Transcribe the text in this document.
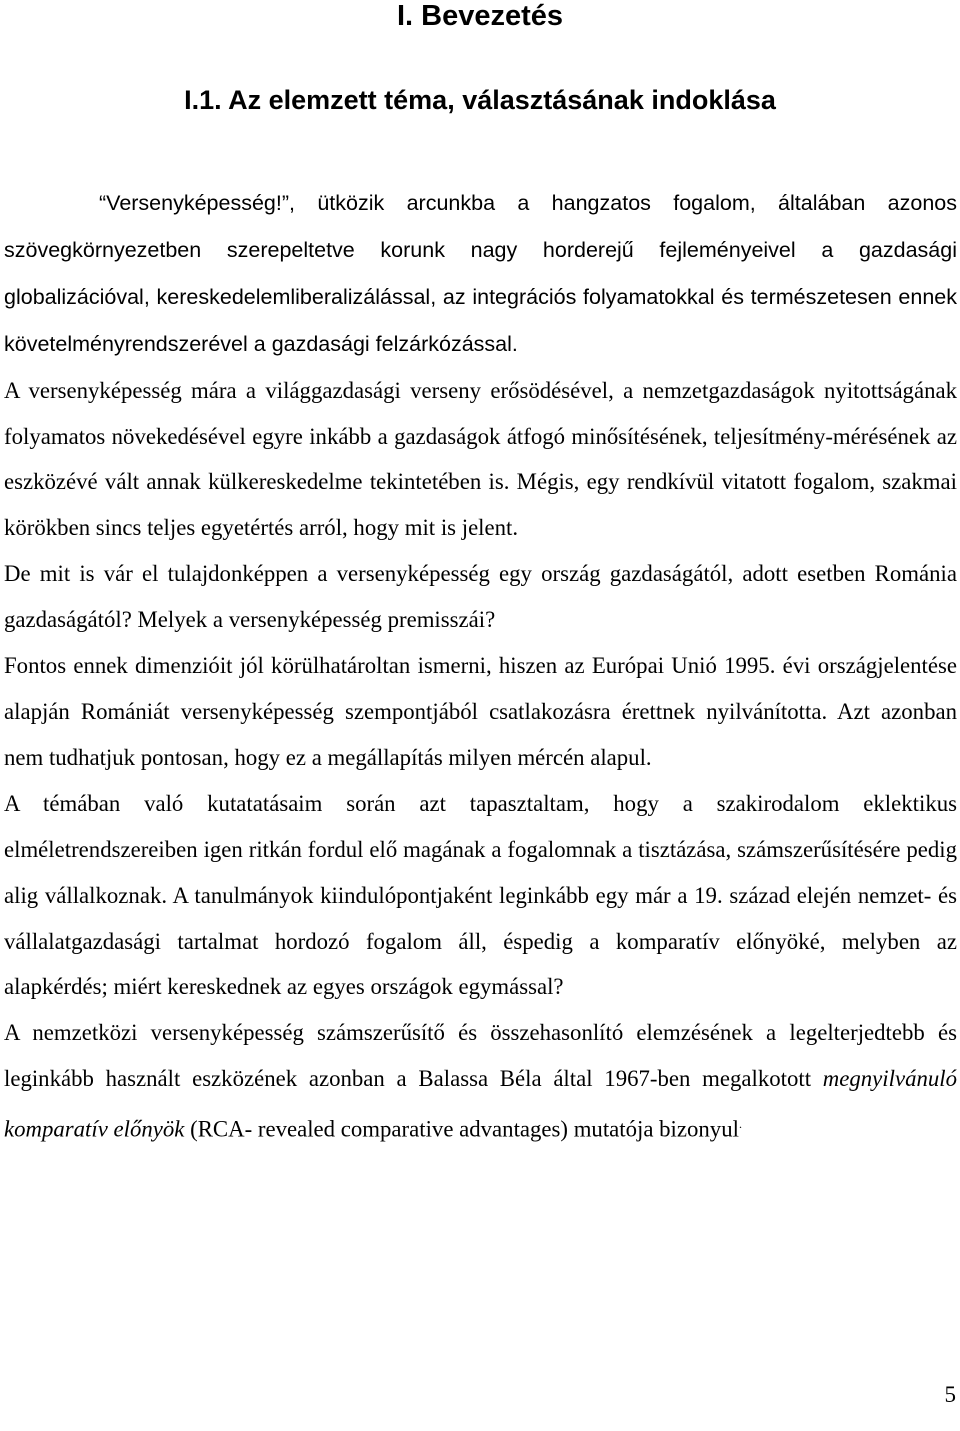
I. Bevezetés
I.1. Az elemzett téma, választásának indoklása

“Versenyképesség!”, ütközik arcunkba a hangzatos fogalom, általában azonos szövegkörnyezetben szerepeltetve korunk nagy horderejű fejleményeivel a gazdasági globalizációval, kereskedelemliberalizálással, az integrációs folyamatokkal és természetesen ennek követelményrendszerével a gazdasági felzárkózással.

A versenyképesség mára a világgazdasági verseny erősödésével, a nemzetgazdaságok nyitottságának folyamatos növekedésével egyre inkább a gazdaságok átfogó minősítésének, teljesítmény-mérésének az eszközévé vált annak külkereskedelme tekintetében is. Mégis, egy rendkívül vitatott fogalom, szakmai körökben sincs teljes egyetértés arról, hogy mit is jelent.

De mit is vár el tulajdonképpen a versenyképesség egy ország gazdaságától, adott esetben Románia gazdaságától? Melyek a versenyképesség premisszái?

Fontos ennek dimenzióit jól körülhatároltan ismerni, hiszen az Európai Unió 1995. évi országjelentése alapján Romániát versenyképesség szempontjából csatlakozásra érettnek nyilvánította. Azt azonban nem tudhatjuk pontosan, hogy ez a megállapítás milyen mércén alapul.

A témában való kutatatásaim során azt tapasztaltam, hogy a szakirodalom eklektikus elméletrendszereiben igen ritkán fordul elő magának a fogalomnak a tisztázása, számszerűsítésére pedig alig vállalkoznak. A tanulmányok kiindulópontjaként leginkább egy már a 19. század elején nemzet- és vállalatgazdasági tartalmat hordozó fogalom áll, éspedig a komparatív előnyöké, melyben az alapkérdés; miért kereskednek az egyes országok egymással?

A nemzetközi versenyképesség számszerűsítő és összehasonlító elemzésének a legelterjedtebb és leginkább használt eszközének azonban a Balassa Béla által 1967-ben megalkotott megnyilvánuló komparatív előnyök (RCA- revealed comparative advantages) mutatója bizonyul.

5
